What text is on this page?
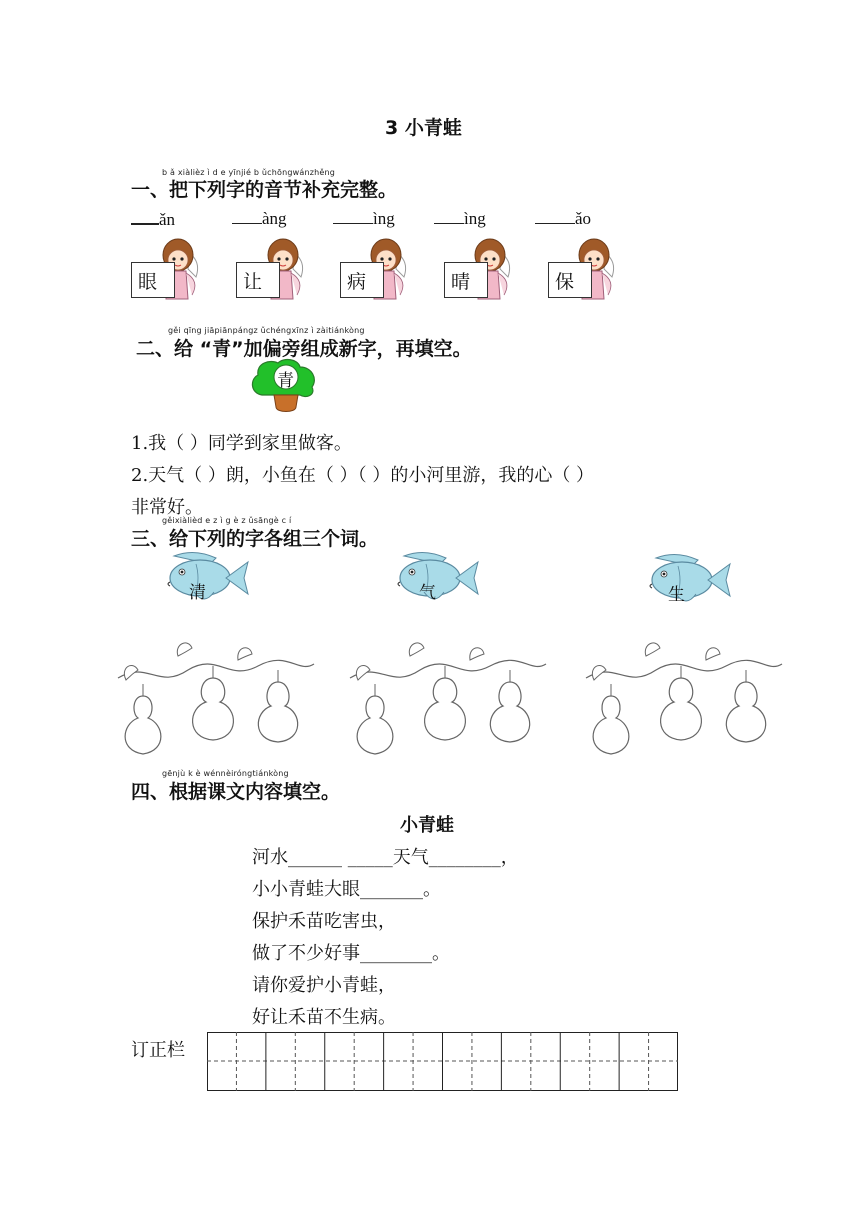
3 小青蛙
b ǎ xiàlièz ì d e yīnjié b ǔchōngwánzhěng
一、把下列字的音节补充完整。
ǎn	àng	ìng	ìng	ǎo
眼	让	病	晴	保
gěi qīng jiāpiānpángz ǔchéngxīnz ì zàitiánkòng
二、给 “青”加偏旁组成新字，再填空。
青
1.我（ ）同学到家里做客。
2.天气（ ）朗，小鱼在（ ）（ ）的小河里游，我的心（ ）
非常好。
gěixiàlièd e z ì g è z ǔsāngè c í
三、给下列的字各组三个词。
清	气	生
gēnjù k è wénnèiróngtiánkòng
四、根据课文内容填空。
小青蛙
河水______ _____天气________，
小小青蛙大眼_______。
保护禾苗吃害虫，
做了不少好事________。
请你爱护小青蛙，
好让禾苗不生病。
订正栏
